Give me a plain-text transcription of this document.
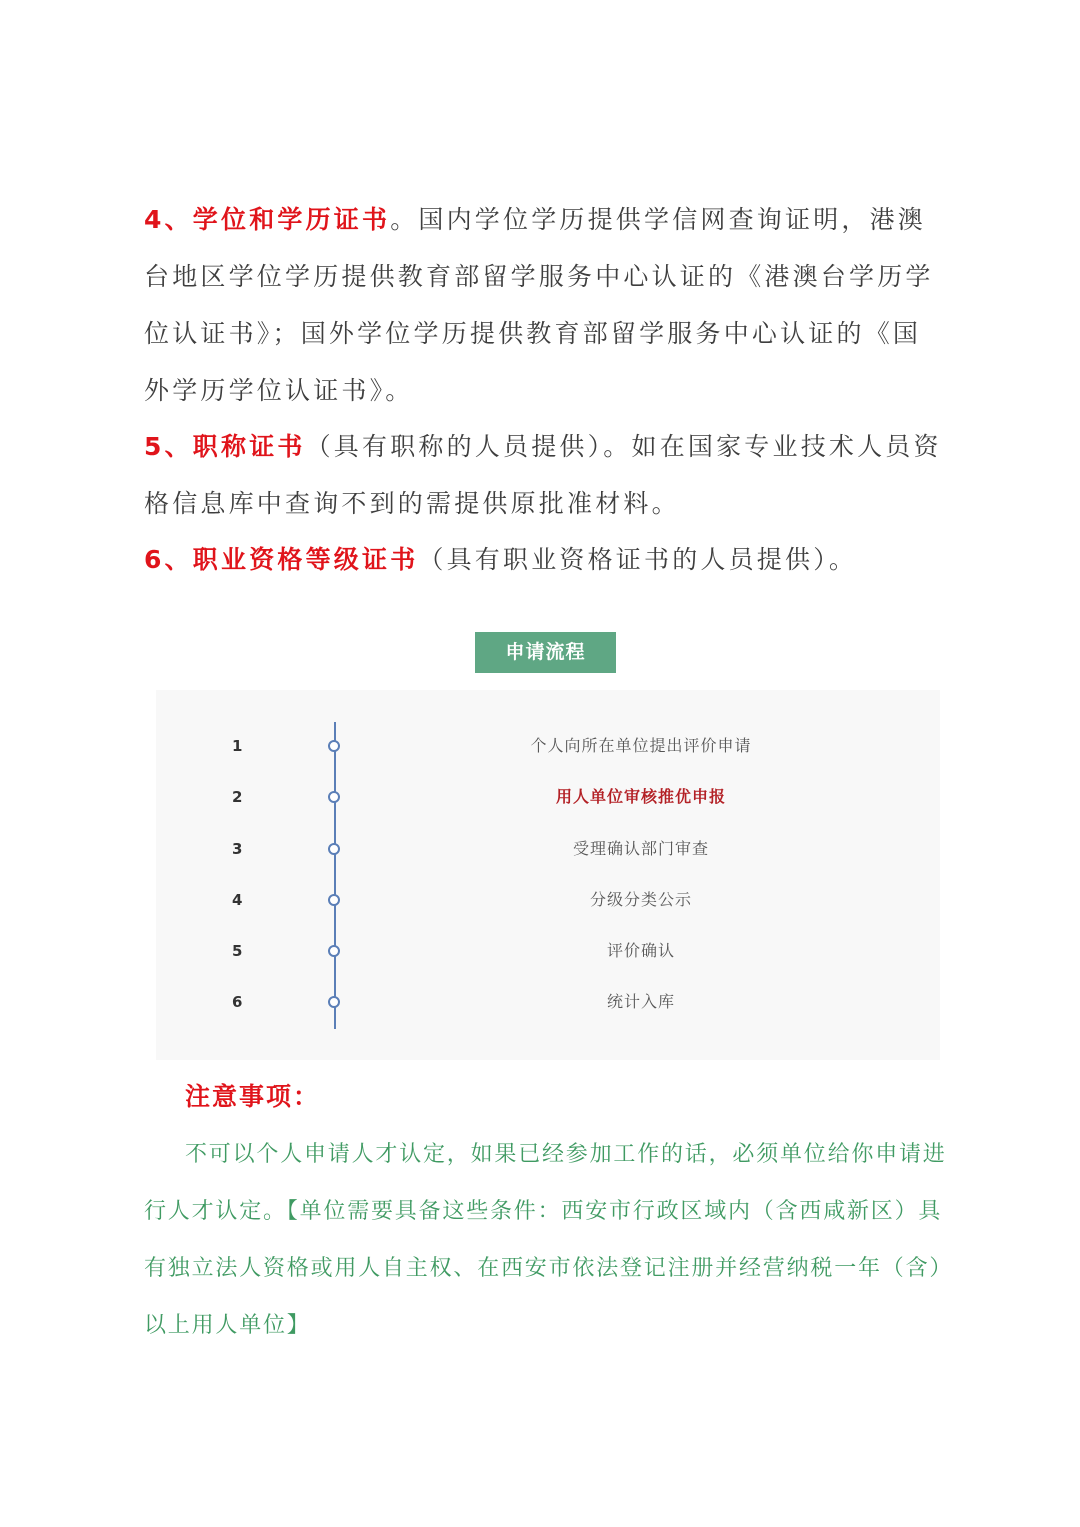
4、学位和学历证书。国内学位学历提供学信网查询证明，港澳台地区学位学历提供教育部留学服务中心认证的《港澳台学历学位认证书》；国外学位学历提供教育部留学服务中心认证的《国外学历学位认证书》。

5、职称证书（具有职称的人员提供）。如在国家专业技术人员资格信息库中查询不到的需提供原批准材料。

6、职业资格等级证书（具有职业资格证书的人员提供）。

申请流程
1	个人向所在单位提出评价申请
2	用人单位审核推优申报
3	受理确认部门审查
4	分级分类公示
5	评价确认
6	统计入库
注意事项：

不可以个人申请人才认定，如果已经参加工作的话，必须单位给你申请进行人才认定。【单位需要具备这些条件：西安市行政区域内（含西咸新区）具有独立法人资格或用人自主权、在西安市依法登记注册并经营纳税一年（含）以上用人单位】
